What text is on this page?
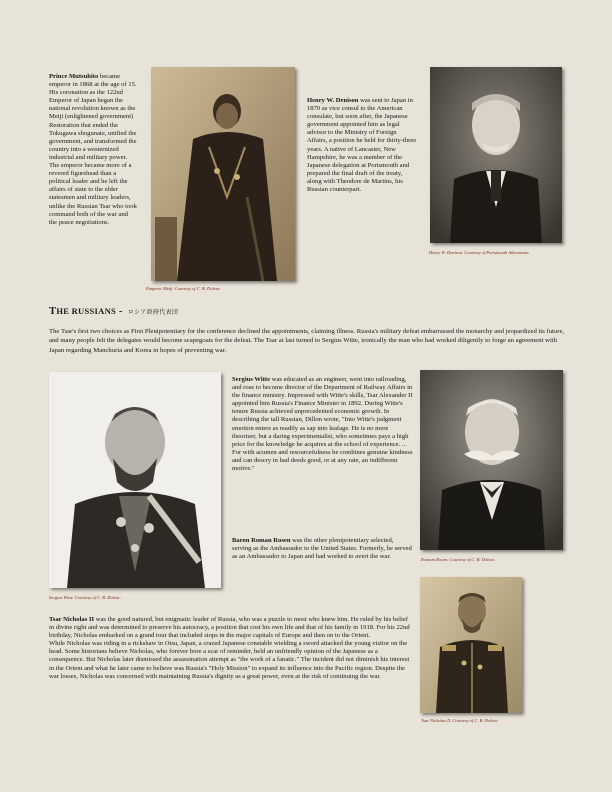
Prince Mutsuhito became emperor in 1868 at the age of 15. His coronation as the 122nd Emperor of Japan began the national revolution known as the Meiji (enlightened government) Restoration that ended the Tokugawa shogunate, unified the government, and transformed the country into a westernized industrial and military power. The emperor became more of a revered figurehead than a political leader and he left the affairs of state to the elder statesmen and military leaders, unlike the Russian Tsar who took command both of the war and the peace negotiations.
Emperor Meiji. Courtesy of C. B. Doleac.
Henry W. Denison was sent to Japan in 1870 as vice consul to the American consulate, but soon after, the Japanese government appointed him as legal advisor to the Ministry of Foreign Affairs, a position he held for thirty-three years. A native of Lancaster, New Hampshire, he was a member of the Japanese delegation at Portsmouth and prepared the final draft of the treaty, along with Theodore de Martins, his Russian counterpart.
Henry W. Denison. Courtesy of Portsmouth Athenaeum.
THE RUSSIANS - ロシア政府代表団
The Tsar's first two choices as First Plenipotentiary for the conference declined the appointments, claiming illness. Russia's military defeat embarrassed the monarchy and jeopardized its future, and many people felt the delegates would become scapegoats for the defeat. The Tsar at last turned to Sergius Witte, ironically the man who had worked diligently to forge an agreement with Japan regarding Manchuria and Korea in hopes of preventing war.
Sergius Witte. Courtesy of C. B. Doleac.
Sergius Witte was educated as an engineer, went into railroading, and rose to become director of the Department of Railway Affairs in the finance ministry. Impressed with Witte's skills, Tsar Alexander II appointed him Russia's Finance Minister in 1892. During Witte's tenure Russia achieved unprecedented economic growth. In describing the tall Russian, Dillon wrote, "Into Witte's judgment emotion enters as readily as sap into leafage. He is no mere theorizer, but a daring experimentalist, who sometimes pays a high price for the knowledge he acquires at the school of experience. ... For with acumen and resourcefulness he combines genuine kindness and can descry in bad deeds good, or at any rate, an indifferent motive."
Baron Roman Rosen was the other plenipotentiary selected, serving as the Ambassador to the United States. Formerly, he served as an Ambassador to Japan and had worked to avert the war.	Romain Rosen. Courtesy of C. B. Doleac.
Tsar Nicholas II was the good natured, but enigmatic leader of Russia, who was a puzzle to most who knew him. He ruled by his belief in divine right and was determined to preserve his autocracy, a position that cost his own life and that of his family in 1918. For his 22nd birthday, Nicholas embarked on a grand tour that included stops in the major capitals of Europe and then on to the Orient.
While Nicholas was riding in a rickshaw in Otsu, Japan, a crazed Japanese constable wielding a sword attacked the young visitor on the head. Some historians believe Nicholas, who forever bore a scar of reminder, held an unfriendly opinion of the Japanese as a consequence. But Nicholas later dismissed the assassination attempt as "the work of a fanatic." The incident did not diminish his interest in the Orient and what he later came to believe was Russia's "Holy Mission" to expand its influence into the Pacific region. Despite the war losses, Nicholas was concerned with maintaining Russia's dignity as a great power, even at the risk of continuing the war.
Tsar Nicholas II. Courtesy of C. B. Doleac.
